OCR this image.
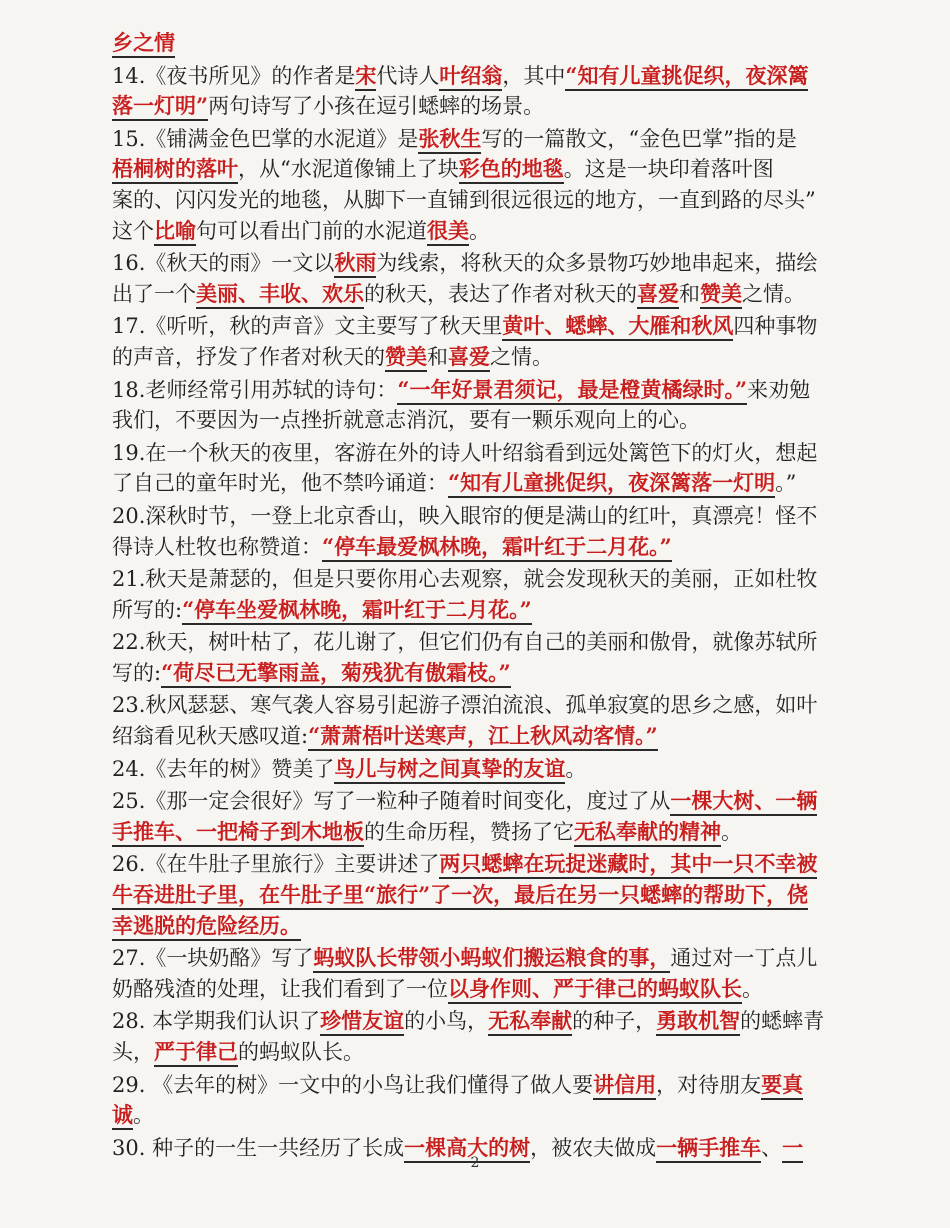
乡之情
14.《夜书所见》的作者是宋代诗人叶绍翁，其中“知有儿童挑促织，夜深篱
落一灯明”两句诗写了小孩在逗引蟋蟀的场景。
15.《铺满金色巴掌的水泥道》是张秋生写的一篇散文，“金色巴掌”指的是
梧桐树的落叶，从“水泥道像铺上了块彩色的地毯。这是一块印着落叶图
案的、闪闪发光的地毯，从脚下一直铺到很远很远的地方，一直到路的尽头”
这个比喻句可以看出门前的水泥道很美。
16.《秋天的雨》一文以秋雨为线索，将秋天的众多景物巧妙地串起来，描绘
出了一个美丽、丰收、欢乐的秋天，表达了作者对秋天的喜爱和赞美之情。
17.《听听，秋的声音》文主要写了秋天里黄叶、蟋蟀、大雁和秋风四种事物
的声音，抒发了作者对秋天的赞美和喜爱之情。
18.老师经常引用苏轼的诗句：“一年好景君须记，最是橙黄橘绿时。”来劝勉
我们，不要因为一点挫折就意志消沉，要有一颗乐观向上的心。
19.在一个秋天的夜里，客游在外的诗人叶绍翁看到远处篱笆下的灯火，想起
了自己的童年时光，他不禁吟诵道：“知有儿童挑促织，夜深篱落一灯明。”
20.深秋时节，一登上北京香山，映入眼帘的便是满山的红叶，真漂亮！怪不
得诗人杜牧也称赞道：“停车最爱枫林晚，霜叶红于二月花。”
21.秋天是萧瑟的，但是只要你用心去观察，就会发现秋天的美丽，正如杜牧
所写的:“停车坐爱枫林晚，霜叶红于二月花。”
22.秋天，树叶枯了，花儿谢了，但它们仍有自己的美丽和傲骨，就像苏轼所
写的:“荷尽已无擎雨盖，菊残犹有傲霜枝。”
23.秋风瑟瑟、寒气袭人容易引起游子漂泊流浪、孤单寂寞的思乡之感，如叶
绍翁看见秋天感叹道:“萧萧梧叶送寒声，江上秋风动客情。”
24.《去年的树》赞美了鸟儿与树之间真挚的友谊。
25.《那一定会很好》写了一粒种子随着时间变化，度过了从一棵大树、一辆
手推车、一把椅子到木地板的生命历程，赞扬了它无私奉献的精神。
26.《在牛肚子里旅行》主要讲述了两只蟋蟀在玩捉迷藏时，其中一只不幸被
牛吞进肚子里，在牛肚子里“旅行”了一次，最后在另一只蟋蟀的帮助下，侥
幸逃脱的危险经历。
27.《一块奶酪》写了蚂蚁队长带领小蚂蚁们搬运粮食的事，通过对一丁点儿
奶酪残渣的处理，让我们看到了一位以身作则、严于律己的蚂蚁队长。
28. 本学期我们认识了珍惜友谊的小鸟，无私奉献的种子，勇敢机智的蟋蟀青
头，严于律己的蚂蚁队长。
29. 《去年的树》一文中的小鸟让我们懂得了做人要讲信用，对待朋友要真
诚。
30. 种子的一生一共经历了长成一棵高大的树，被农夫做成一辆手推车、一
2
